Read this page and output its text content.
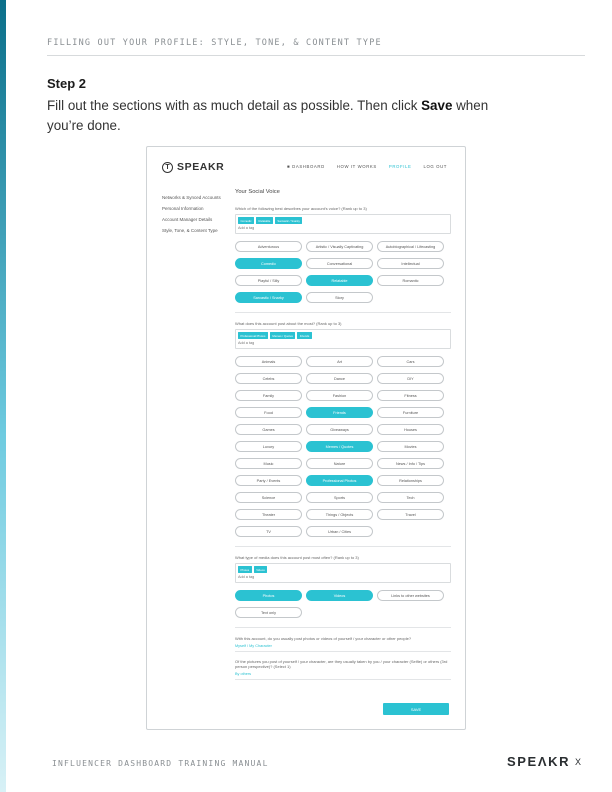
FILLING OUT YOUR PROFILE: STYLE, TONE, & CONTENT TYPE
Step 2
Fill out the sections with as much detail as possible. Then click Save when you’re done.
T SPEAKR	■ DASHBOARD	HOW IT WORKS	PROFILE	LOG OUT
Networks & Synced Accounts
Personal Information
Account Manager Details
Style, Tone, & Content Type
Your Social Voice
Which of the following best describes your account’s voice? (Rank up to 3)
Comedic	Relatable	Sarcastic / Snarky
Add a tag
Adventurous	Artistic / Visually Captivating	Autobiographical / Lifecasting
Comedic	Conversational	Intellectual
Playful / Silly	Relatable	Romantic
Sarcastic / Snarky	Story
What does this account post about the most? (Rank up to 3)
Professional Photos	Memes / Quotes	Friends
Add a tag
Animals	Art	Cars
Celebs	Dance	DIY
Family	Fashion	Fitness
Food	Friends	Furniture
Games	Giveaways	Houses
Luxury	Memes / Quotes	Movies
Music	Nature	News / Info / Tips
Party / Events	Professional Photos	Relationships
Science	Sports	Tech
Theater	Things / Objects	Travel
TV	Urban / Cities
What type of media does this account post most often? (Rank up to 3)
Photos	Videos
Add a tag
Photos	Videos	Links to other websites
Text only
With this account, do you usually post photos or videos of yourself / your character or other people?
Myself / My Character
Of the pictures you post of yourself / your character, are they usually taken by you / your character (Selfie) or others (3rd person perspective)? (Select 1)
By others
SAVE
INFLUENCER DASHBOARD TRAINING MANUAL	SPEΛKR X
